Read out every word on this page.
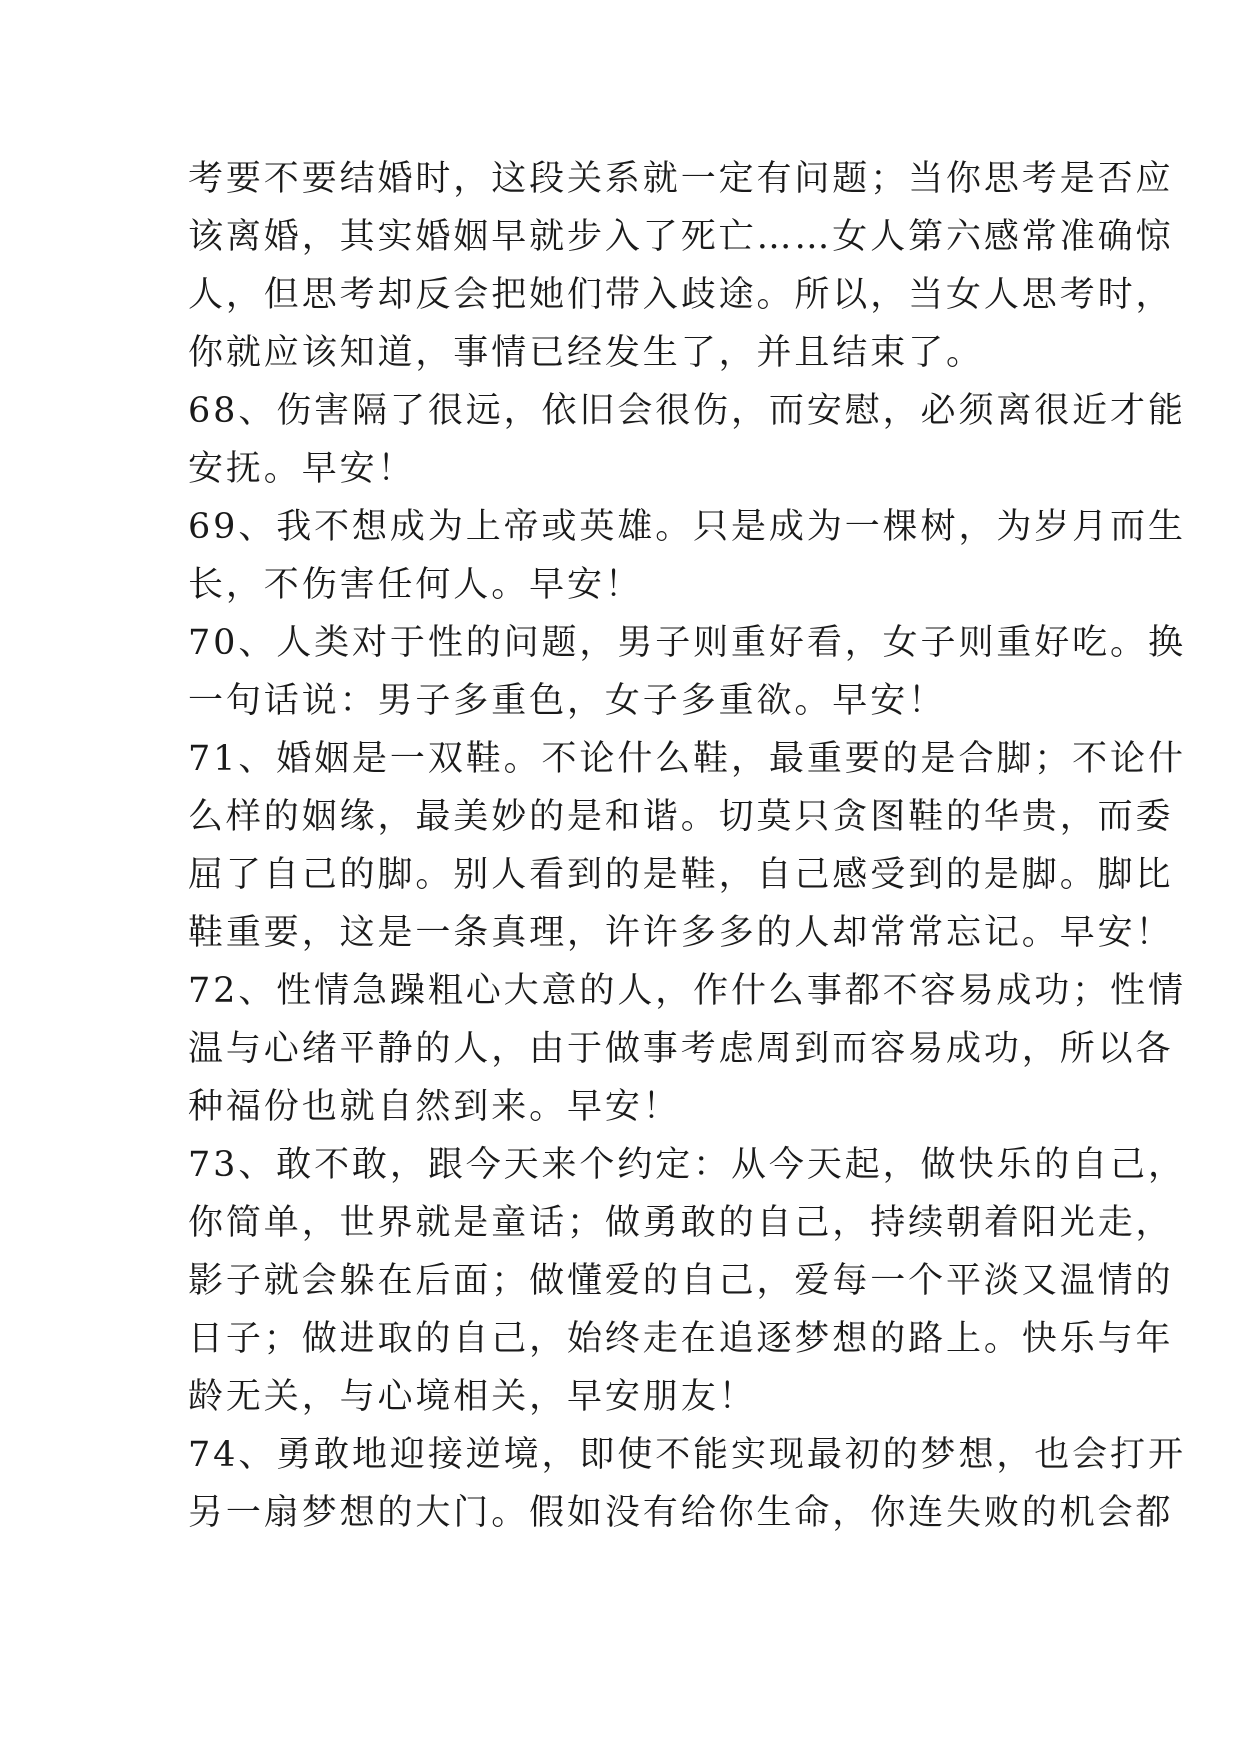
考要不要结婚时，这段关系就一定有问题；当你思考是否应
该离婚，其实婚姻早就步入了死亡……女人第六感常准确惊
人，但思考却反会把她们带入歧途。所以，当女人思考时，
你就应该知道，事情已经发生了，并且结束了。
68、伤害隔了很远，依旧会很伤，而安慰，必须离很近才能
安抚。早安！
69、我不想成为上帝或英雄。只是成为一棵树，为岁月而生
长，不伤害任何人。早安！
70、人类对于性的问题，男子则重好看，女子则重好吃。换
一句话说：男子多重色，女子多重欲。早安！
71、婚姻是一双鞋。不论什么鞋，最重要的是合脚；不论什
么样的姻缘，最美妙的是和谐。切莫只贪图鞋的华贵，而委
屈了自己的脚。别人看到的是鞋，自己感受到的是脚。脚比
鞋重要，这是一条真理，许许多多的人却常常忘记。早安！
72、性情急躁粗心大意的人，作什么事都不容易成功；性情
温与心绪平静的人，由于做事考虑周到而容易成功，所以各
种福份也就自然到来。早安！
73、敢不敢，跟今天来个约定：从今天起，做快乐的自己，
你简单，世界就是童话；做勇敢的自己，持续朝着阳光走，
影子就会躲在后面；做懂爱的自己，爱每一个平淡又温情的
日子；做进取的自己，始终走在追逐梦想的路上。快乐与年
龄无关，与心境相关，早安朋友！
74、勇敢地迎接逆境，即使不能实现最初的梦想，也会打开
另一扇梦想的大门。假如没有给你生命，你连失败的机会都
